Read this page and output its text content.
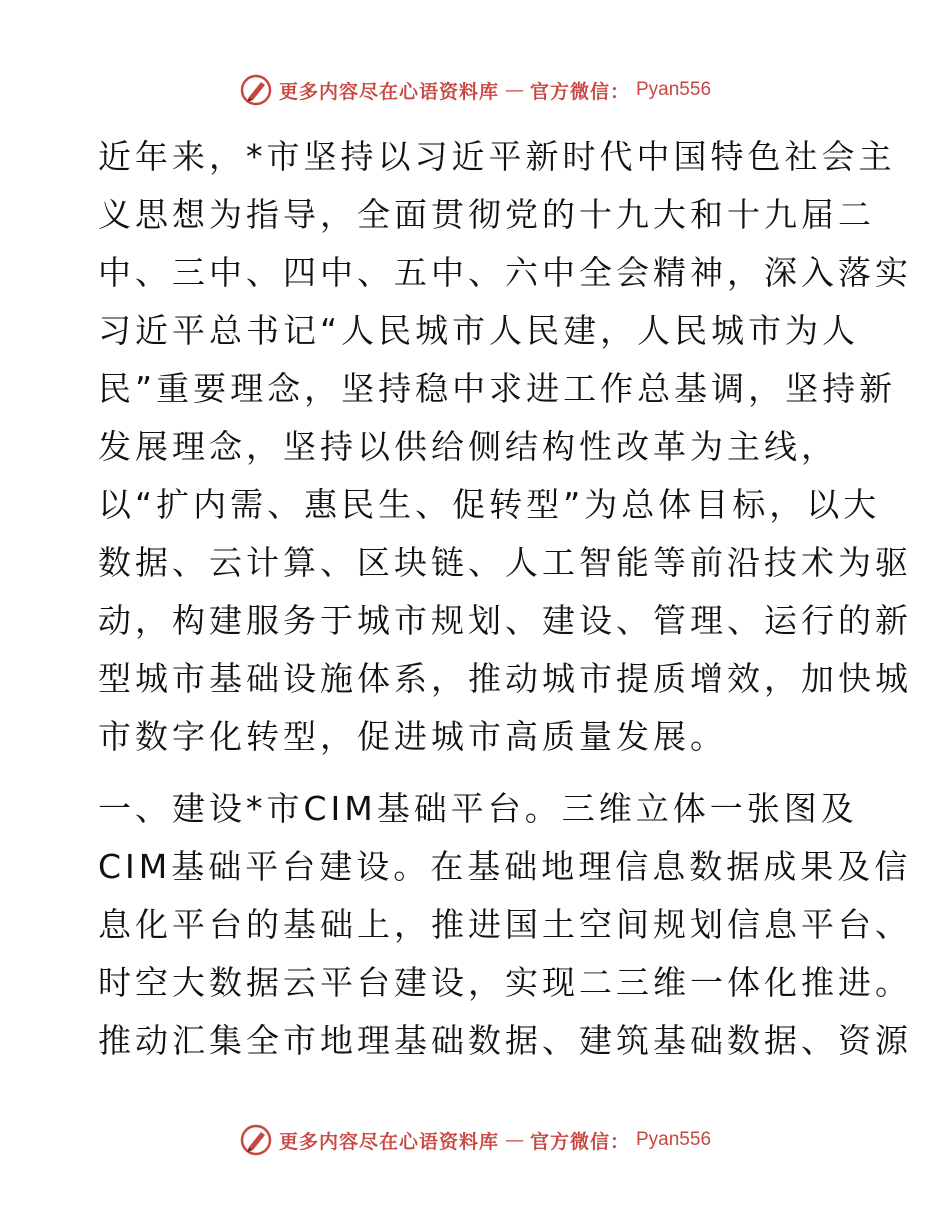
更多内容尽在心语资料库 — 官方微信： Pyan556
近年来，*市坚持以习近平新时代中国特色社会主
义思想为指导，全面贯彻党的十九大和十九届二
中、三中、四中、五中、六中全会精神，深入落实
习近平总书记“人民城市人民建，人民城市为人
民”重要理念，坚持稳中求进工作总基调，坚持新
发展理念，坚持以供给侧结构性改革为主线，
以“扩内需、惠民生、促转型”为总体目标，以大
数据、云计算、区块链、人工智能等前沿技术为驱
动，构建服务于城市规划、建设、管理、运行的新
型城市基础设施体系，推动城市提质增效，加快城
市数字化转型，促进城市高质量发展。
一、建设*市CIM基础平台。三维立体一张图及
CIM基础平台建设。在基础地理信息数据成果及信
息化平台的基础上，推进国土空间规划信息平台、
时空大数据云平台建设，实现二三维一体化推进。
推动汇集全市地理基础数据、建筑基础数据、资源
更多内容尽在心语资料库 — 官方微信： Pyan556
